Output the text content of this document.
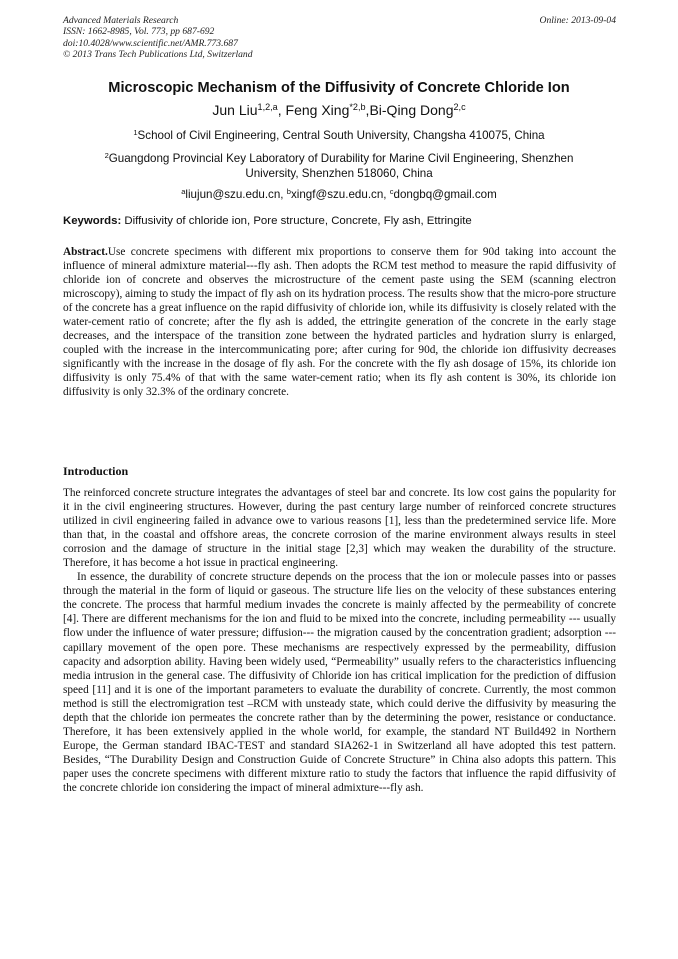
Advanced Materials Research
ISSN: 1662-8985, Vol. 773, pp 687-692
doi:10.4028/www.scientific.net/AMR.773.687
© 2013 Trans Tech Publications Ltd, Switzerland
Online: 2013-09-04
Microscopic Mechanism of the Diffusivity of Concrete Chloride Ion
Jun Liu$^{1,2,a}$, Feng Xing$^{*2,b}$,Bi-Qing Dong$^{2,c}$
$^1$School of Civil Engineering, Central South University, Changsha 410075, China
$^2$Guangdong Provincial Key Laboratory of Durability for Marine Civil Engineering, Shenzhen University, Shenzhen 518060, China
$^a$liujun@szu.edu.cn, $^b$xingf@szu.edu.cn, $^c$dongbq@gmail.com
Keywords: Diffusivity of chloride ion, Pore structure, Concrete, Fly ash, Ettringite

Abstract.Use concrete specimens with different mix proportions to conserve them for 90d taking into account the influence of mineral admixture material---fly ash. Then adopts the RCM test method to measure the rapid diffusivity of chloride ion of concrete and observes the microstructure of the cement paste using the SEM (scanning electron microscopy), aiming to study the impact of fly ash on its hydration process. The results show that the micro-pore structure of the concrete has a great influence on the rapid diffusivity of chloride ion, while its diffusivity is closely related with the water-cement ratio of concrete; after the fly ash is added, the ettringite generation of the concrete in the early stage decreases, and the interspace of the transition zone between the hydrated particles and hydration slurry is enlarged, coupled with the increase in the intercommunicating pore; after curing for 90d, the chloride ion diffusivity decreases significantly with the increase in the dosage of fly ash. For the concrete with the fly ash dosage of 15%, its chloride ion diffusivity is only 75.4% of that with the same water-cement ratio; when its fly ash content is 30%, its chloride ion diffusivity is only 32.3% of the ordinary concrete.

Introduction

The reinforced concrete structure integrates the advantages of steel bar and concrete. Its low cost gains the popularity for it in the civil engineering structures. However, during the past century large number of reinforced concrete structures utilized in civil engineering failed in advance owe to various reasons [1], less than the predetermined service life. More than that, in the coastal and offshore areas, the concrete corrosion of the marine environment always results in steel corrosion and the damage of structure in the initial stage [2,3] which may weaken the durability of the structure. Therefore, it has become a hot issue in practical engineering.

In essence, the durability of concrete structure depends on the process that the ion or molecule passes into or passes through the material in the form of liquid or gaseous. The structure life lies on the velocity of these substances entering the concrete. The process that harmful medium invades the concrete is mainly affected by the permeability of concrete [4]. There are different mechanisms for the ion and fluid to be mixed into the concrete, including permeability --- usually flow under the influence of water pressure; diffusion--- the migration caused by the concentration gradient; adsorption --- capillary movement of the open pore. These mechanisms are respectively expressed by the permeability, diffusion capacity and adsorption ability. Having been widely used, “Permeability” usually refers to the characteristics influencing media intrusion in the general case. The diffusivity of Chloride ion has critical implication for the prediction of diffusion speed [11] and it is one of the important parameters to evaluate the durability of concrete. Currently, the most common method is still the electromigration test –RCM with unsteady state, which could derive the diffusivity by measuring the depth that the chloride ion permeates the concrete rather than by the determining the power, resistance or conductance. Therefore, it has been extensively applied in the whole world, for example, the standard NT Build492 in Northern Europe, the German standard IBAC-TEST and standard SIA262-1 in Switzerland all have adopted this test pattern. Besides, “The Durability Design and Construction Guide of Concrete Structure” in China also adopts this pattern. This paper uses the concrete specimens with different mixture ratio to study the factors that influence the rapid diffusivity of the concrete chloride ion considering the impact of mineral admixture---fly ash.
